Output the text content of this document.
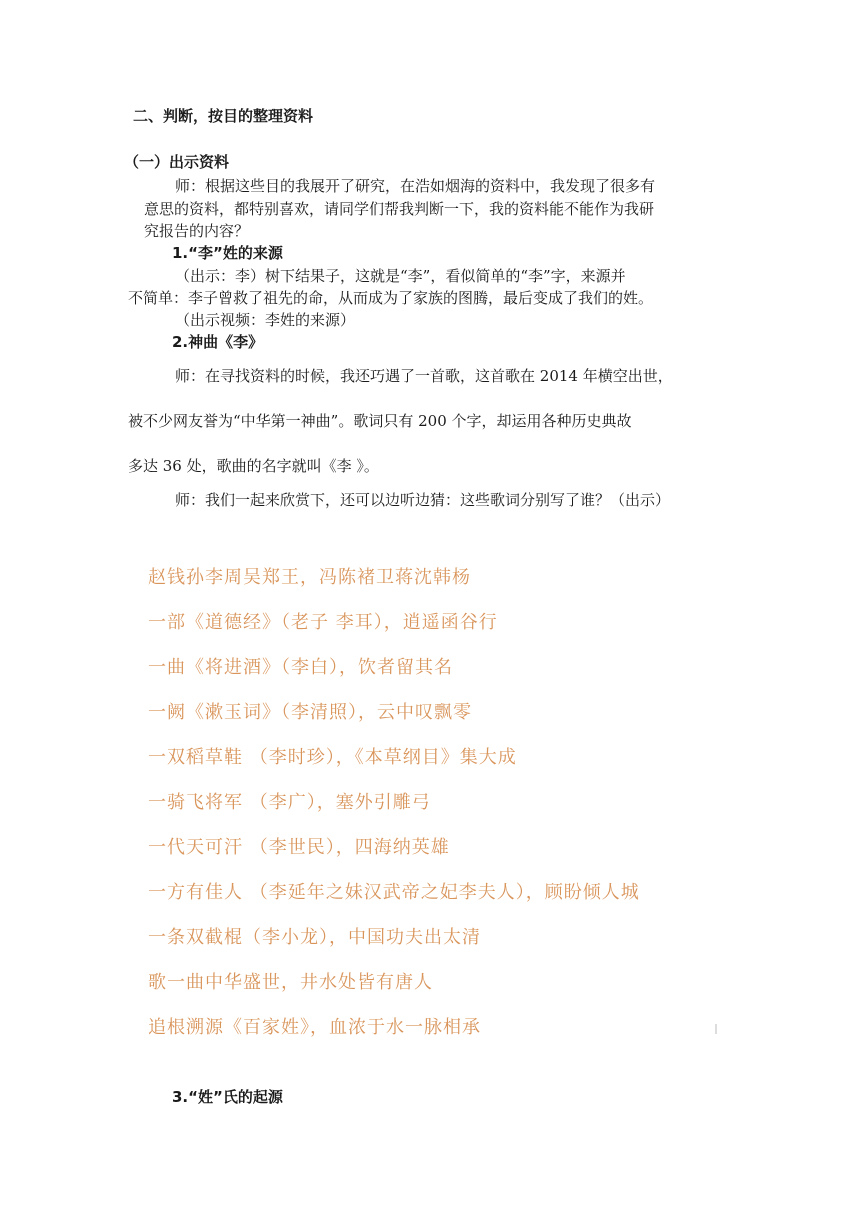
二、判断，按目的整理资料
（一）出示资料
师：根据这些目的我展开了研究，在浩如烟海的资料中，我发现了很多有
意思的资料，都特别喜欢，请同学们帮我判断一下，我的资料能不能作为我研
究报告的内容？
1.“李”姓的来源
（出示：李）树下结果子，这就是“李”，看似简单的“李”字，来源并
不简单：李子曾救了祖先的命，从而成为了家族的图腾，最后变成了我们的姓。
（出示视频：李姓的来源）
2.神曲《李》
师：在寻找资料的时候，我还巧遇了一首歌，这首歌在 2014 年横空出世，
被不少网友誉为“中华第一神曲”。歌词只有 200 个字，却运用各种历史典故
多达 36 处，歌曲的名字就叫《李 》。
师：我们一起来欣赏下，还可以边听边猜：这些歌词分别写了谁？（出示）
赵钱孙李周吴郑王，冯陈褚卫蒋沈韩杨
一部《道德经》（老子 李耳），逍遥函谷行
一曲《将进酒》（李白），饮者留其名
一阙《漱玉词》（李清照），云中叹飘零
一双稻草鞋 （李时珍），《本草纲目》集大成
一骑飞将军 （李广），塞外引雕弓
一代天可汗 （李世民），四海纳英雄
一方有佳人 （李延年之妹汉武帝之妃李夫人），顾盼倾人城
一条双截棍（李小龙），中国功夫出太清
歌一曲中华盛世，井水处皆有唐人
追根溯源《百家姓》，血浓于水一脉相承
3.“姓”氏的起源
